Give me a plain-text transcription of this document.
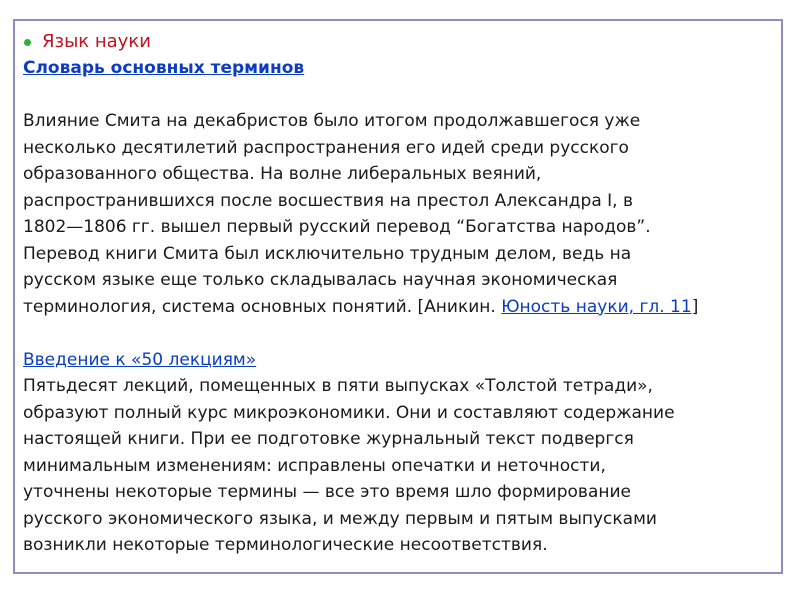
Язык науки
Словарь основных терминов
Влияние Смита на декабристов было итогом продолжавшегося уже
несколько десятилетий распространения его идей среди русского
образованного общества. На волне либеральных веяний,
распространившихся после восшествия на престол Александра I, в
1802—1806 гг. вышел первый русский перевод “Богатства народов”.
Перевод книги Смита был исключительно трудным делом, ведь на
русском языке еще только складывалась научная экономическая
терминология, система основных понятий. [Аникин. Юность науки, гл. 11]
Введение к «50 лекциям»
Пятьдесят лекций, помещенных в пяти выпусках «Толстой тетради»,
образуют полный курс микроэкономики. Они и составляют содержание
настоящей книги. При ее подготовке журнальный текст подвергся
минимальным изменениям: исправлены опечатки и неточности,
уточнены некоторые термины — все это время шло формирование
русского экономического языка, и между первым и пятым выпусками
возникли некоторые терминологические несоответствия.
